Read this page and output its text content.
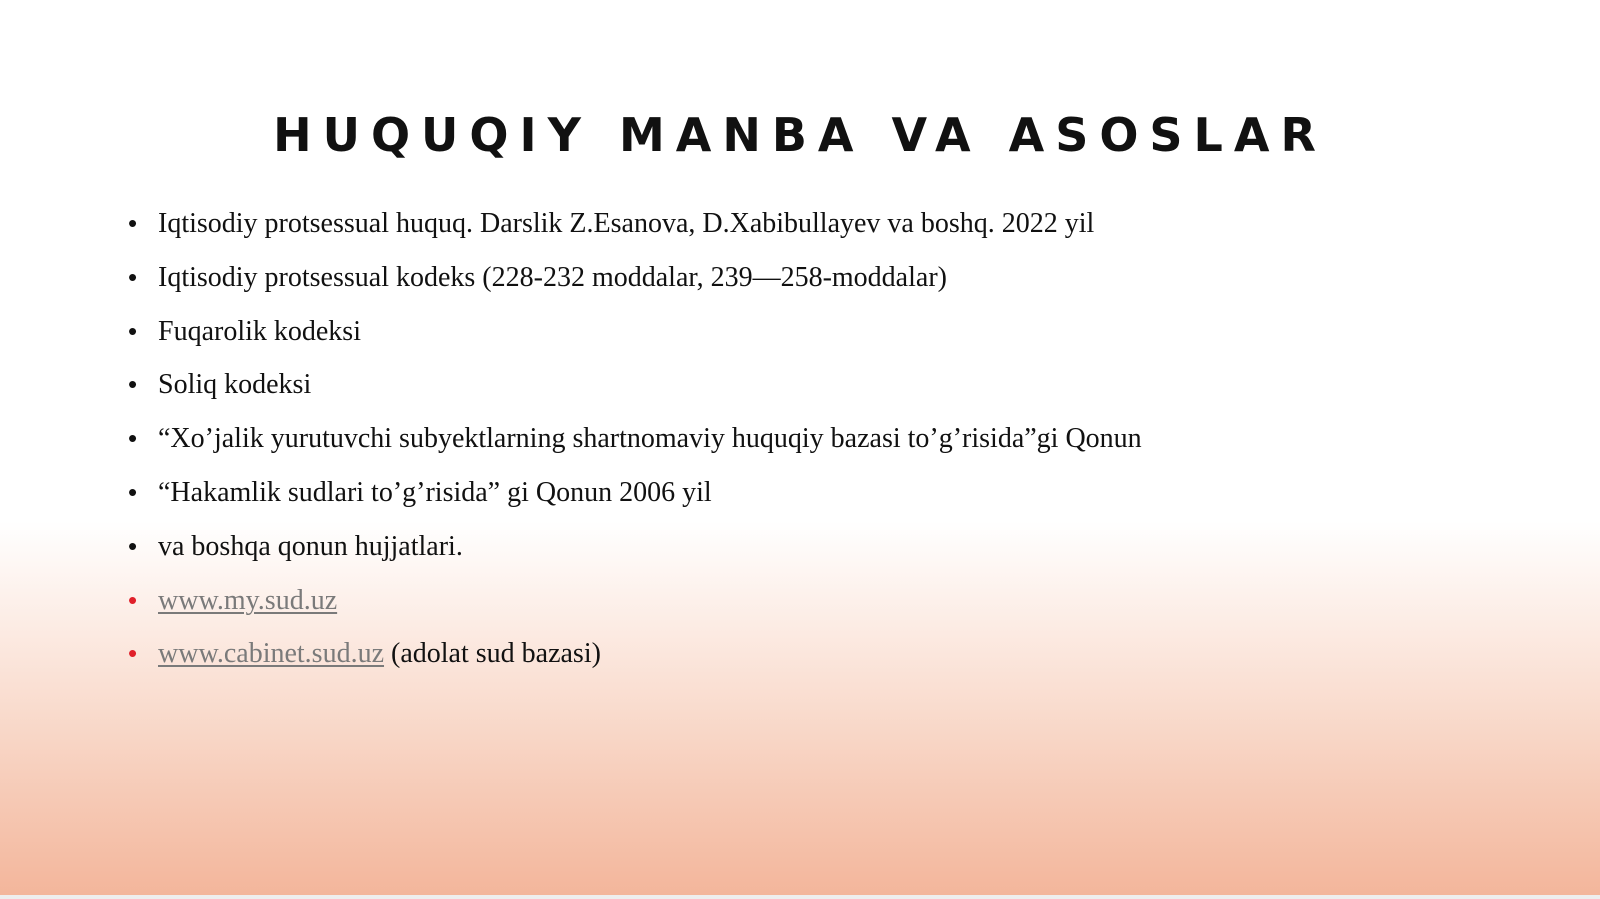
HUQUQIY MANBA VA ASOSLAR
• Iqtisodiy protsessual huquq. Darslik Z.Esanova, D.Xabibullayev va boshq. 2022 yil
• Iqtisodiy protsessual kodeks (228-232 moddalar, 239—258-moddalar)
• Fuqarolik kodeksi
• Soliq kodeksi
• “Xo’jalik yurutuvchi subyektlarning shartnomaviy huquqiy bazasi to’g’risida”gi Qonun
• “Hakamlik sudlari to’g’risida” gi Qonun 2006 yil
• va boshqa qonun hujjatlari.
• www.my.sud.uz
• www.cabinet.sud.uz (adolat sud bazasi)
